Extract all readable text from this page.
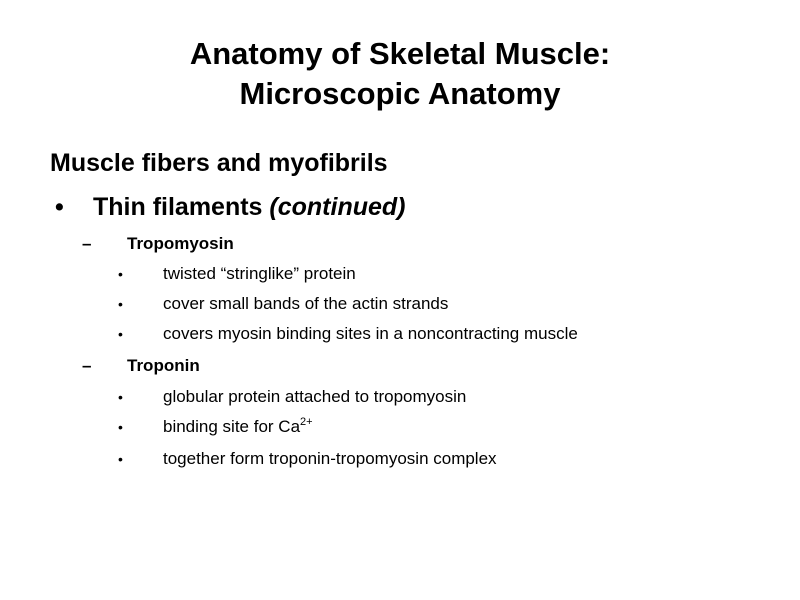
Anatomy of Skeletal Muscle:
Microscopic Anatomy
Muscle fibers and myofibrils
• Thin filaments (continued)
– Tropomyosin
• twisted “stringlike” protein
• cover small bands of the actin strands
• covers myosin binding sites in a noncontracting muscle
– Troponin
• globular protein attached to tropomyosin
• binding site for $Ca^{2+}$
• together form troponin-tropomyosin complex
